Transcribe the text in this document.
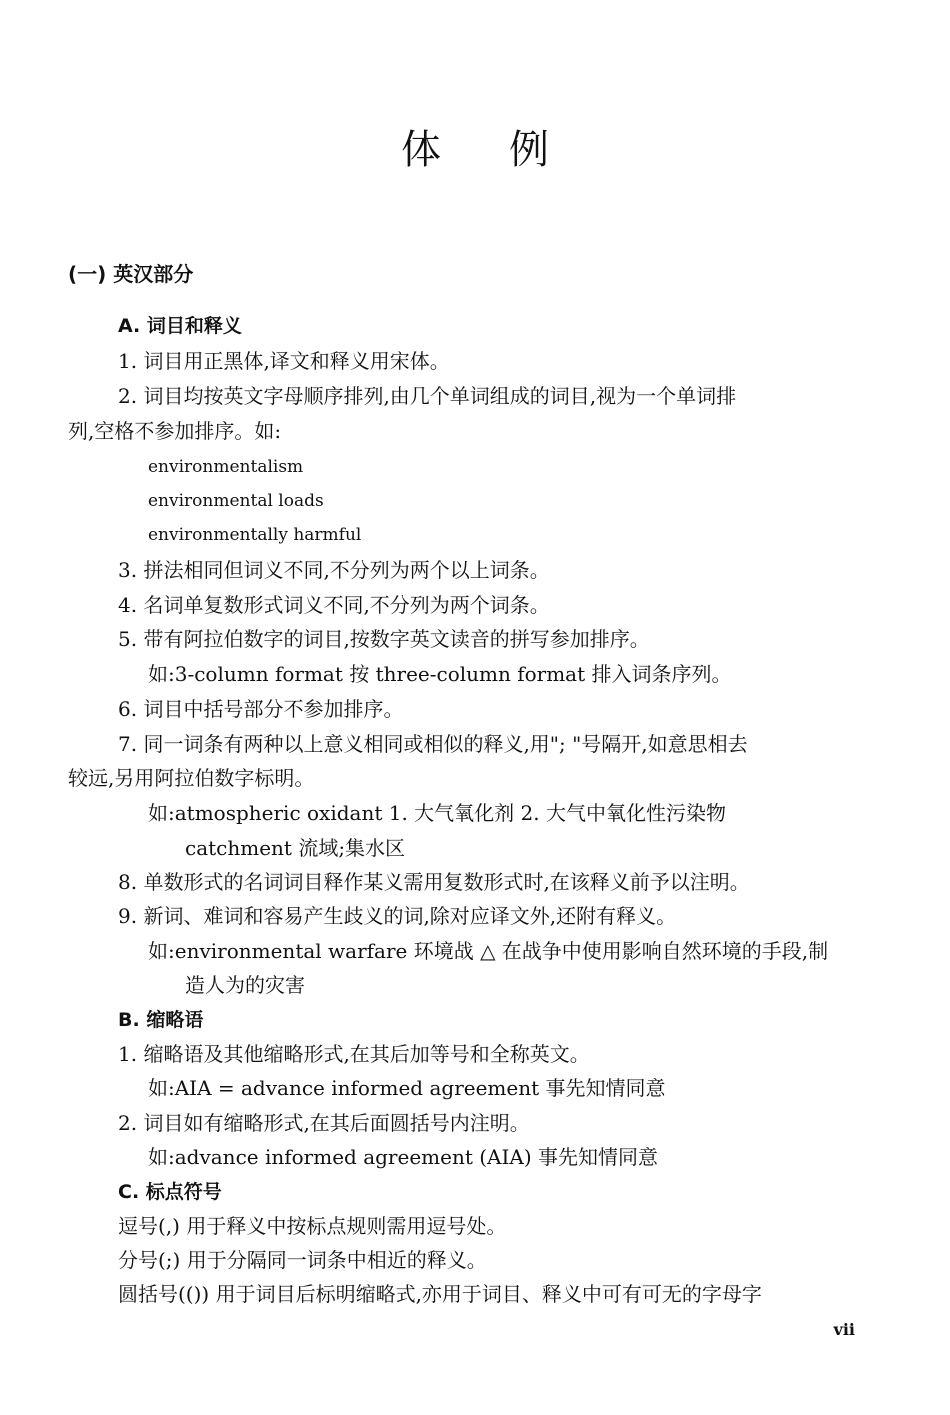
体 例
(一) 英汉部分
A. 词目和释义
1. 词目用正黑体,译文和释义用宋体。
2. 词目均按英文字母顺序排列,由几个单词组成的词目,视为一个单词排
列,空格不参加排序。如:
environmentalism
environmental loads
environmentally harmful
3. 拼法相同但词义不同,不分列为两个以上词条。
4. 名词单复数形式词义不同,不分列为两个词条。
5. 带有阿拉伯数字的词目,按数字英文读音的拼写参加排序。
如:3-column format 按 three-column format 排入词条序列。
6. 词目中括号部分不参加排序。
7. 同一词条有两种以上意义相同或相似的释义,用"; "号隔开,如意思相去
较远,另用阿拉伯数字标明。
如:atmospheric oxidant 1. 大气氧化剂 2. 大气中氧化性污染物
catchment 流域;集水区
8. 单数形式的名词词目释作某义需用复数形式时,在该释义前予以注明。
9. 新词、难词和容易产生歧义的词,除对应译文外,还附有释义。
如:environmental warfare 环境战 △ 在战争中使用影响自然环境的手段,制
造人为的灾害
B. 缩略语
1. 缩略语及其他缩略形式,在其后加等号和全称英文。
如:AIA = advance informed agreement 事先知情同意
2. 词目如有缩略形式,在其后面圆括号内注明。
如:advance informed agreement (AIA) 事先知情同意
C. 标点符号
逗号(,) 用于释义中按标点规则需用逗号处。
分号(;) 用于分隔同一词条中相近的释义。
圆括号(()) 用于词目后标明缩略式,亦用于词目、释义中可有可无的字母字
vii
